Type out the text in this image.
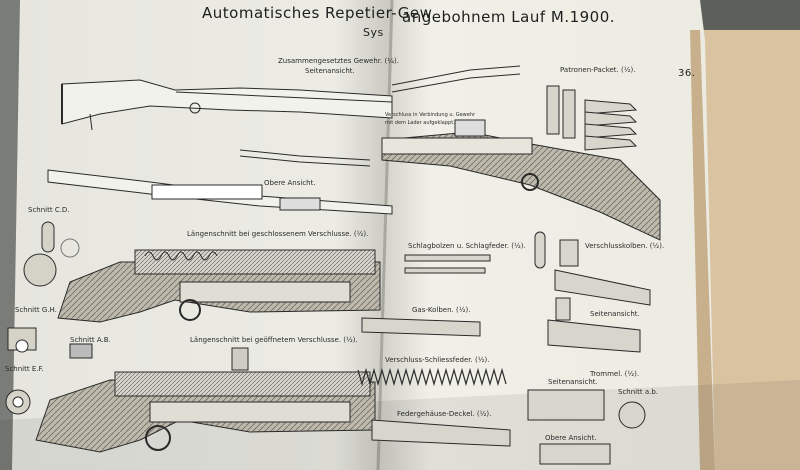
Automatisches Repetier-Gew
angebohnem Lauf M.1900.
Sys
36.
Zusammengesetztes Gewehr. (¼).
Seitenansicht.
Obere Ansicht.
Schnitt C.D.
Längenschnitt bei geschlossenem Verschlusse. (½).
Schnitt G.H.
Schnitt A.B.	Längenschnitt bei geöffnetem Verschlusse. (½).
Schnitt E.F.
Patronen-Packet. (½).
Verschluss in Verbindung u. Gewehr
mit dem Lader aufgeklappt.
Schlagbolzen u. Schlagfeder. (½).	Verschlusskolben. (½).
Gas-Kolben. (½).	Seitenansicht.
Verschluss-Schliessfeder. (½).
Trommel. (½).
Seitenansicht.
Schnitt a.b.
Federgehäuse-Deckel. (½).
Obere Ansicht.
